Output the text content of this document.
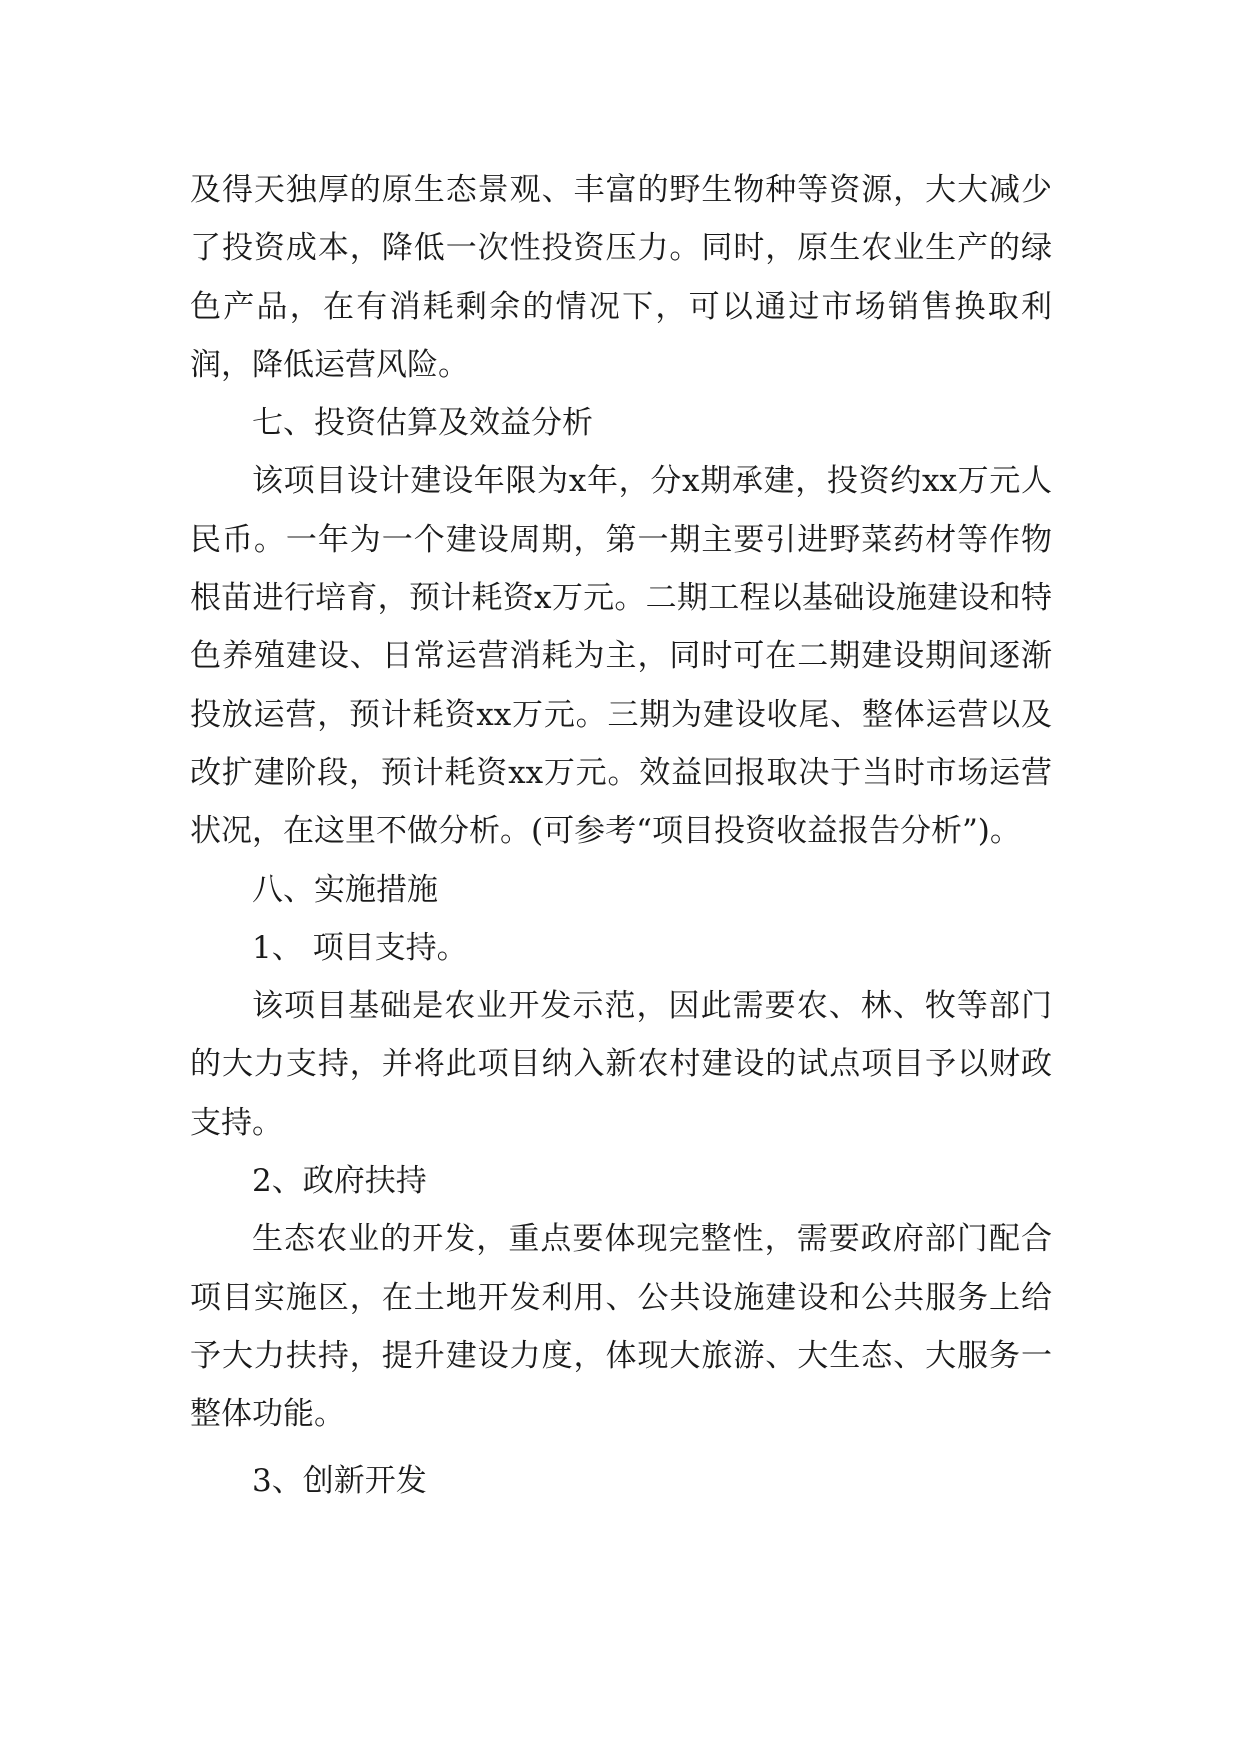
及得天独厚的原生态景观、丰富的野生物种等资源，大大减少了投资成本，降低一次性投资压力。同时，原生农业生产的绿色产品，在有消耗剩余的情况下，可以通过市场销售换取利润，降低运营风险。

七、投资估算及效益分析

该项目设计建设年限为x年，分x期承建，投资约xx万元人民币。一年为一个建设周期，第一期主要引进野菜药材等作物根苗进行培育，预计耗资x万元。二期工程以基础设施建设和特色养殖建设、日常运营消耗为主，同时可在二期建设期间逐渐投放运营，预计耗资xx万元。三期为建设收尾、整体运营以及改扩建阶段，预计耗资xx万元。效益回报取决于当时市场运营状况，在这里不做分析。(可参考“项目投资收益报告分析”)。

八、实施措施

1、 项目支持。

该项目基础是农业开发示范，因此需要农、林、牧等部门的大力支持，并将此项目纳入新农村建设的试点项目予以财政支持。

2、政府扶持

生态农业的开发，重点要体现完整性，需要政府部门配合项目实施区，在土地开发利用、公共设施建设和公共服务上给予大力扶持，提升建设力度，体现大旅游、大生态、大服务一整体功能。

3、创新开发
